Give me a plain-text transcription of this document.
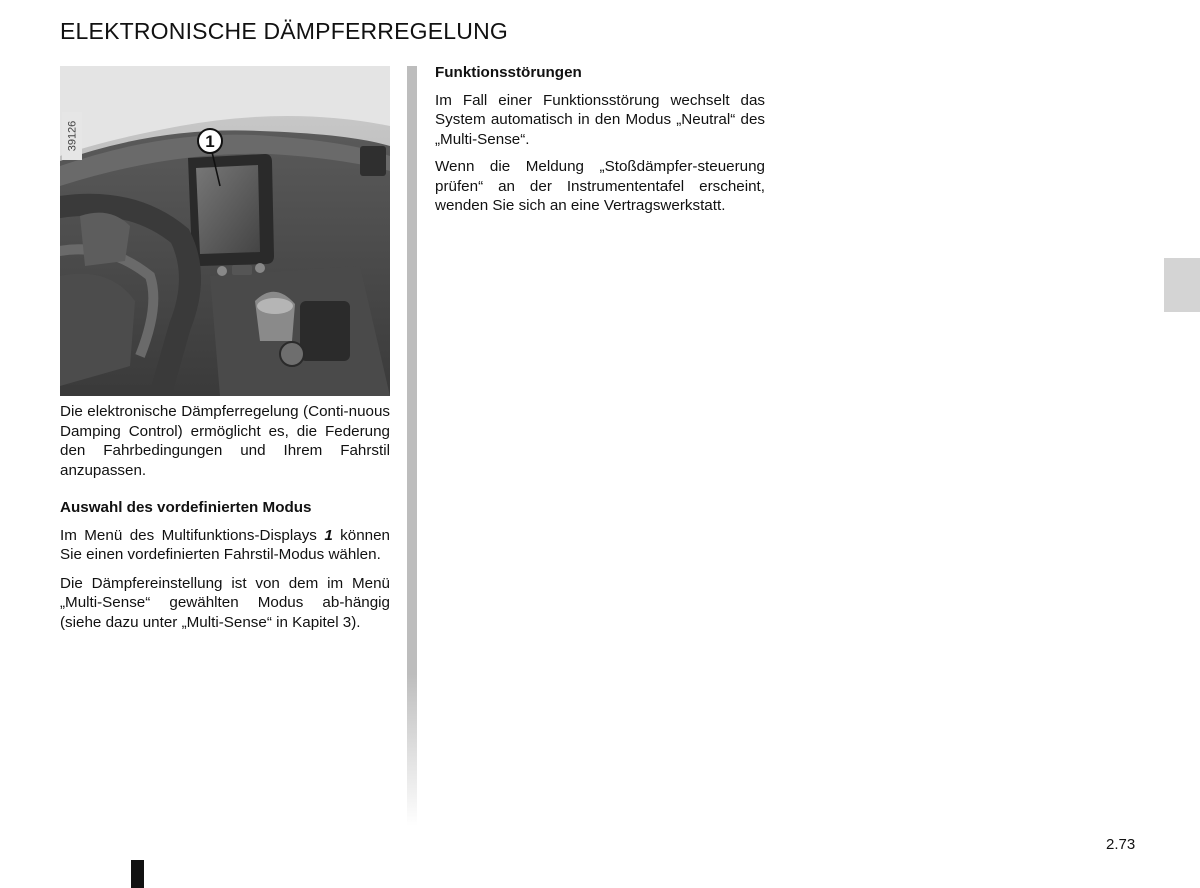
ELEKTRONISCHE DÄMPFERREGELUNG
1
39126

Die elektronische Dämpferregelung (Conti-nuous Damping Control) ermöglicht es, die Federung den Fahrbedingungen und Ihrem Fahrstil anzupassen.

Auswahl des vordefinierten Modus

Im Menü des Multifunktions-Displays 1 können Sie einen vordefinierten Fahrstil-Modus wählen.

Die Dämpfereinstellung ist von dem im Menü „Multi-Sense“ gewählten Modus ab-hängig (siehe dazu unter „Multi-Sense“ in Kapitel 3).

Funktionsstörungen

Im Fall einer Funktionsstörung wechselt das System automatisch in den Modus „Neutral“ des „Multi-Sense“.

Wenn die Meldung „Stoßdämpfer-steuerung prüfen“ an der Instrumententafel erscheint, wenden Sie sich an eine Vertragswerkstatt.

2.73
